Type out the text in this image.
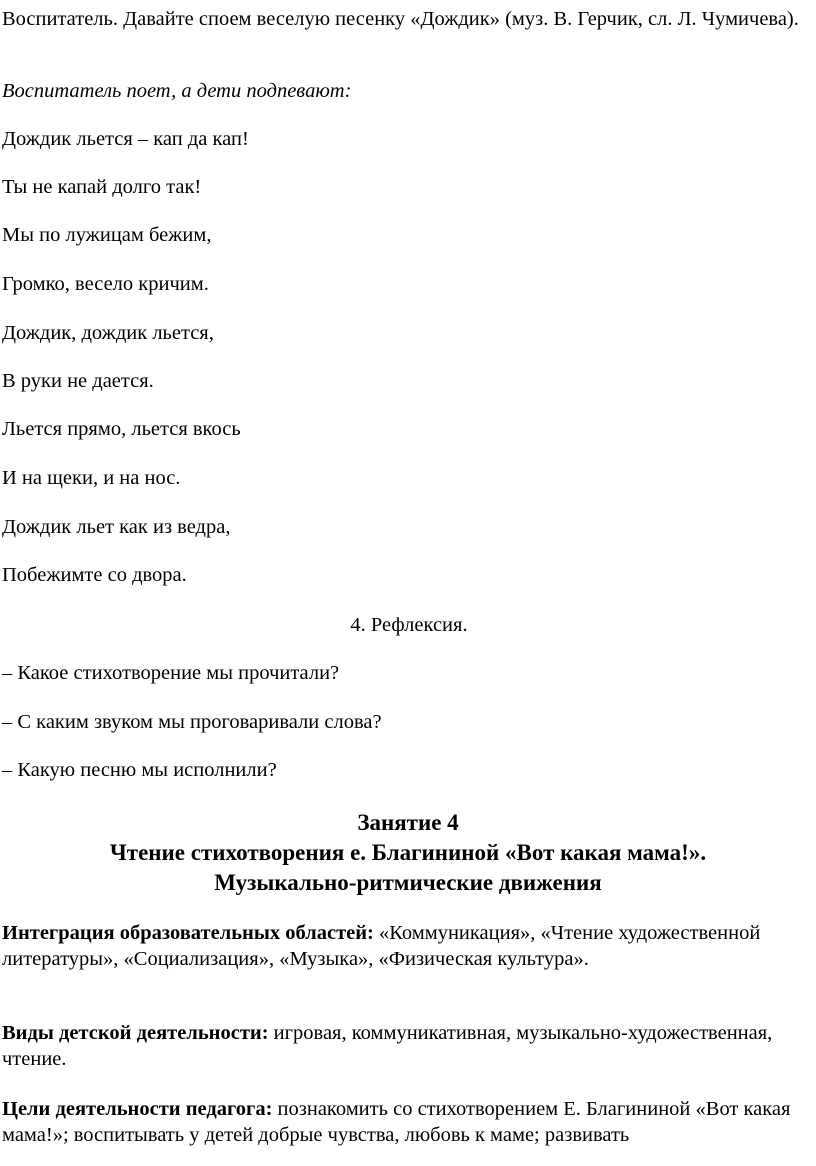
Воспитатель. Давайте споем веселую песенку «Дождик» (муз. В. Герчик, сл. Л. Чумичева).

Воспитатель поет, а дети подпевают:

Дождик льется – кап да кап!

Ты не капай долго так!

Мы по лужицам бежим,

Громко, весело кричим.

Дождик, дождик льется,

В руки не дается.

Льется прямо, льется вкось

И на щеки, и на нос.

Дождик льет как из ведра,

Побежимте со двора.

4. Рефлексия.

– Какое стихотворение мы прочитали?

– С каким звуком мы проговаривали слова?

– Какую песню мы исполнили?

Занятие 4

Чтение стихотворения е. Благининой «Вот какая мама!».

Музыкально-ритмические движения

Интеграция образовательных областей: «Коммуникация», «Чтение художественной литературы», «Социализация», «Музыка», «Физическая культура».

Виды детской деятельности: игровая, коммуникативная, музыкально-художественная, чтение.

Цели деятельности педагога: познакомить со стихотворением Е. Благининой «Вот какая мама!»; воспитывать у детей добрые чувства, любовь к маме; развивать
